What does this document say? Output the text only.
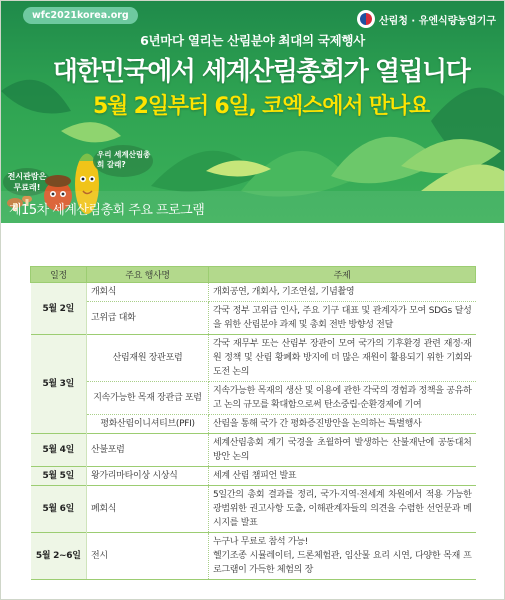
wfc2021korea.org	산림청 · 유엔식량농업기구
6년마다 열리는 산림분야 최대의 국제행사
대한민국에서 세계산림총회가 열립니다
5월 2일부터 6일, 코엑스에서 만나요
우리 세계산림총회 갈래?
전시관람은 무료래!
제15차 세계산림총회 주요 프로그램
일정	주요 행사명	주제
5월 2일	개회식	개회공연, 개회사, 기조연설, 기념촬영
	고위급 대화	각국 정부 고위급 인사, 주요 기구 대표 및 관계자가 모여 SDGs 달성을 위한 산림분야 과제 및 총회 전반 방향성 전달
5월 3일	산림재원 장관포럼	각국 재무부 또는 산림부 장관이 모여 국가의 기후환경 관련 재정·재원 정책 및 산림 황폐화 방지에 더 많은 재원이 활용되기 위한 기회와 도전 논의
	지속가능한 목재 장관급 포럼	지속가능한 목재의 생산 및 이용에 관한 각국의 경험과 정책을 공유하고 논의 규모를 확대함으로써 탄소중립·순환경제에 기여
	평화산림이니셔티브(PFI)	산림을 통해 국가 간 평화증진방안을 논의하는 특별행사
5월 4일	산불포럼	세계산림총회 계기 국경을 초월하여 발생하는 산불재난에 공동대처방안 논의
5월 5일	왕가리마타이상 시상식	세계 산림 챔피언 발표
5월 6일	폐회식	5일간의 총회 결과를 정리, 국가·지역·전세계 차원에서 적용 가능한 광범위한 권고사항 도출, 이해관계자들의 의견을 수렴한 선언문과 메시지를 발표
5월 2~6일	전시	누구나 무료로 참석 가능!
헬기조종 시뮬레이터, 드론체험관, 임산물 요리 시연, 다양한 목재 프로그램이 가득한 체험의 장
